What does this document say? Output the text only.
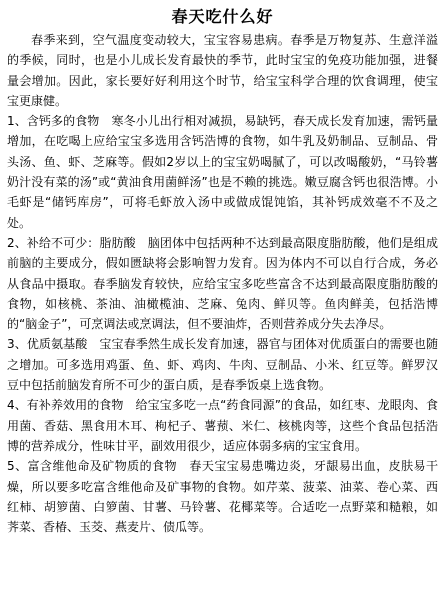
春天吃什么好

春季来到，空气温度变动较大，宝宝容易患病。春季是万物复苏、生意洋溢的季候，同时，也是小儿成长发育最快的季节，此时宝宝的免疫功能加强，进餐量会增加。因此，家长要好好利用这个时节，给宝宝科学合理的饮食调理，使宝宝更康健。

1、含钙多的食物　寒冬小儿出行相对减损，易缺钙，春天成长发育加速，需钙量增加，在吃喝上应给宝宝多选用含钙浩博的食物，如牛乳及奶制品、豆制品、骨头汤、鱼、虾、芝麻等。假如2岁以上的宝宝奶喝腻了，可以改喝酸奶，“马铃薯奶汁没有菜的汤”或“黄油食用菌鲜汤”也是不赖的挑选。嫩豆腐含钙也很浩博。小毛虾是“储钙库房”，可将毛虾放入汤中或做成馄饨馅，其补钙成效毫不不及之处。

2、补给不可少：脂肪酸　脑团体中包括两种不达到最高限度脂肪酸，他们是组成前脑的主要成分，假如匮缺将会影响智力发育。因为体内不可以自行合成，务必从食品中摄取。春季脑发育较快，应给宝宝多吃些富含不达到最高限度脂肪酸的食物，如核桃、茶油、油橄榄油、芝麻、兔肉、鲜贝等。鱼肉鲜美，包括浩博的“脑金子”，可烹调法或烹调法，但不要油炸，否则营养成分失去净尽。

3、优质氨基酸　宝宝春季然生成长发育加速，器官与团体对优质蛋白的需要也随之增加。可多选用鸡蛋、鱼、虾、鸡肉、牛肉、豆制品、小米、红豆等。鲜罗汉豆中包括前脑发育所不可少的蛋白质，是春季饭桌上选食物。

4、有补养效用的食物　给宝宝多吃一点“药食同源”的食品，如红枣、龙眼肉、食用菌、香菇、黑食用木耳、枸杞子、薯蓣、米仁、核桃肉等，这些个食品包括浩博的营养成分，性味甘平，副效用很少，适应体弱多病的宝宝食用。

5、富含维他命及矿物质的食物　春天宝宝易患嘴边炎，牙龈易出血，皮肤易干燥，所以要多吃富含维他命及矿事物的食物。如芹菜、菠菜、油菜、卷心菜、西红柿、胡箩菌、白箩菌、甘薯、马铃薯、花椰菜等。合适吃一点野菜和糙粮，如荠菜、香椿、玉茭、燕麦片、债瓜等。
